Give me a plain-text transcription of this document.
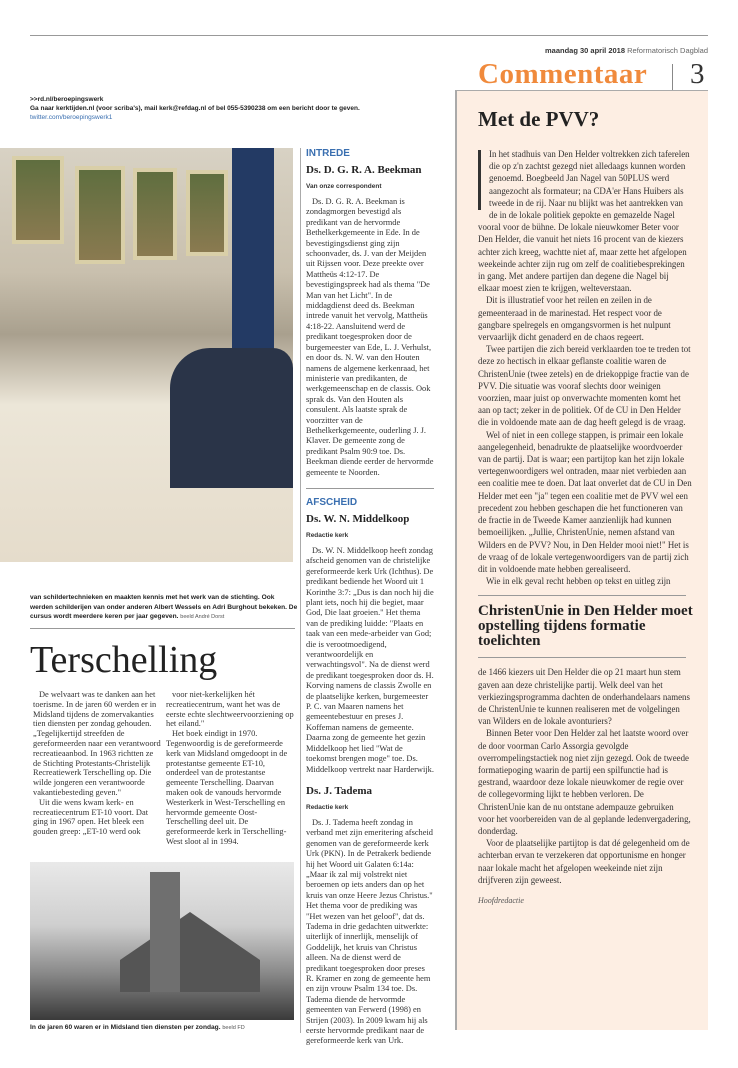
maandag 30 april 2018 Reformatorisch Dagblad
Commentaar 3
>>rd.nl/beroepingswerk
Ga naar kerktijden.nl (voor scriba's), mail kerk@refdag.nl of bel 055-5390238 om een bericht door te geven.
twitter.com/beroepingswerk1
van schildertechnieken en maakten kennis met het werk van de stichting. Ook werden schilderijen van onder anderen Albert Wessels en Adri Burghout bekeken. De cursus wordt meerdere keren per jaar gegeven. beeld André Dorst
Terschelling

De welvaart was te danken aan het toerisme. In de jaren 60 werden er in Midsland tijdens de zomervakanties tien diensten per zondag gehouden. „Tegelijkertijd streefden de gereformeerden naar een verantwoord recreatieaanbod. In 1963 richtten ze de Stichting Protestants-Christelijk Recreatiewerk Terschelling op. Die wilde jongeren een verantwoorde vakantiebesteding geven."

Uit die wens kwam kerk- en recreatiecentrum ET-10 voort. Dat ging in 1967 open. Het bleek een gouden greep: „ET-10 werd ook

voor niet-kerkelijken hét recreatiecentrum, want het was de eerste echte slechtweervoorziening op het eiland."

Het boek eindigt in 1970. Tegenwoordig is de gereformeerde kerk van Midsland omgedoopt in de protestantse gemeente ET-10, onderdeel van de protestantse gemeente Terschelling. Daarvan maken ook de vanouds hervormde Westerkerk in West-Terschelling en hervormde gemeente Oost-Terschelling deel uit. De gereformeerde kerk in Terschelling-West sloot al in 1994.

In de jaren 60 waren er in Midsland tien diensten per zondag. beeld FD
INTREDE
Ds. D. G. R. A. Beekman
Van onze correspondent

Ds. D. G. R. A. Beekman is zondagmorgen bevestigd als predikant van de hervormde Bethelkerkgemeente in Ede. In de bevestigingsdienst ging zijn schoonvader, ds. J. van der Meijden uit Rijssen voor. Deze preekte over Mattheüs 4:12-17. De bevestigingspreek had als thema "De Man van het Licht". In de middagdienst deed ds. Beekman intrede vanuit het vervolg, Mattheüs 4:18-22. Aansluitend werd de predikant toegesproken door de burgemeester van Ede, L. J. Verhulst, en door ds. N. W. van den Houten namens de algemene kerkenraad, het ministerie van predikanten, de werkgemeenschap en de classis. Ook sprak ds. Van den Houten als consulent. Als laatste sprak de voorzitter van de Bethelkerkgemeente, ouderling J. J. Klaver. De gemeente zong de predikant Psalm 90:9 toe. Ds. Beekman diende eerder de hervormde gemeente te Noorden.

AFSCHEID
Ds. W. N. Middelkoop
Redactie kerk

Ds. W. N. Middelkoop heeft zondag afscheid genomen van de christelijke gereformeerde kerk Urk (Ichthus). De predikant bediende het Woord uit 1 Korinthe 3:7: „Dus is dan noch hij die plant iets, noch hij die begiet, maar God, Die laat groeien." Het thema van de prediking luidde: "Plaats en taak van een mede-arbeider van God; die is verootmoedigend, verantwoordelijk en verwachtingsvol". Na de dienst werd de predikant toegesproken door ds. H. Korving namens de classis Zwolle en de plaatselijke kerken, burgemeester P. C. van Maaren namens het gemeentebestuur en preses J. Koffeman namens de gemeente. Daarna zong de gemeente het gezin Middelkoop het lied "Wat de toekomst brengen moge" toe. Ds. Middelkoop vertrekt naar Harderwijk.

Ds. J. Tadema
Redactie kerk

Ds. J. Tadema heeft zondag in verband met zijn emeritering afscheid genomen van de gereformeerde kerk Urk (PKN). In de Petrakerk bediende hij het Woord uit Galaten 6:14a: „Maar ik zal mij volstrekt niet beroemen op iets anders dan op het kruis van onze Heere Jezus Christus." Het thema voor de prediking was "Het wezen van het geloof", dat ds. Tadema in drie gedachten uitwerkte: uiterlijk of innerlijk, menselijk of Goddelijk, het kruis van Christus alleen. Na de dienst werd de predikant toegesproken door preses R. Kramer en zong de gemeente hem en zijn vrouw Psalm 134 toe. Ds. Tadema diende de hervormde gemeenten van Ferwerd (1998) en Strijen (2003). In 2009 kwam hij als eerste hervormde predikant naar de gereformeerde kerk van Urk.

Met de PVV?

In het stadhuis van Den Helder voltrekken zich taferelen die op z'n zachtst gezegd niet alledaags kunnen worden genoemd. Boegbeeld Jan Nagel van 50PLUS werd aangezocht als formateur; na CDA'er Hans Huibers als tweede in de rij. Naar nu blijkt was het aantrekken van de in de lokale politiek gepokte en gemazelde Nagel vooral voor de bühne. De lokale nieuwkomer Beter voor Den Helder, die vanuit het niets 16 procent van de kiezers achter zich kreeg, wachtte niet af, maar zette het afgelopen weekeinde achter zijn rug om zelf de coalitiebesprekingen in gang. Met andere partijen dan degene die Nagel bij elkaar moest zien te krijgen, welteverstaan.

Dit is illustratief voor het reilen en zeilen in de gemeenteraad in de marinestad. Het respect voor de gangbare spelregels en omgangsvormen is het nulpunt vervaarlijk dicht genaderd en de chaos regeert.

Twee partijen die zich bereid verklaarden toe te treden tot deze zo hectisch in elkaar geflanste coalitie waren de ChristenUnie (twee zetels) en de driekoppige fractie van de PVV. Die situatie was vooraf slechts door weinigen voorzien, maar juist op onverwachte momenten komt het aan op tact; zeker in de politiek. Of de CU in Den Helder die in voldoende mate aan de dag heeft gelegd is de vraag.

Wel of niet in een college stappen, is primair een lokale aangelegenheid, benadrukte de plaatselijke woordvoerder van de partij. Dat is waar; een partijtop kan het zijn lokale vertegenwoordigers wel ontraden, maar niet verbieden aan een coalitie mee te doen. Dat laat onverlet dat de CU in Den Helder met een "ja" tegen een coalitie met de PVV wel een precedent zou hebben geschapen die het functioneren van de fractie in de Tweede Kamer aanzienlijk had kunnen bemoeilijken. „Jullie, ChristenUnie, nemen afstand van Wilders en de PVV? Nou, in Den Helder mooi niet!" Het is de vraag of de lokale vertegenwoordigers van de partij zich dit in voldoende mate hebben gerealiseerd.

Wie in elk geval recht hebben op tekst en uitleg zijn

ChristenUnie in Den Helder moet opstelling tijdens formatie toelichten

de 1466 kiezers uit Den Helder die op 21 maart hun stem gaven aan deze christelijke partij. Welk deel van het verkiezingsprogramma dachten de onderhandelaars namens de ChristenUnie te kunnen realiseren met de volgelingen van Wilders en de lokale avonturiers?

Binnen Beter voor Den Helder zal het laatste woord over de door voorman Carlo Assorgia gevolgde overrompelingstactiek nog niet zijn gezegd. Ook de tweede formatiepoging waarin de partij een spilfunctie had is gestrand, waardoor deze lokale nieuwkomer de regie over de collegevorming lijkt te hebben verloren. De ChristenUnie kan de nu ontstane adempauze gebruiken voor het voorbereiden van de al geplande ledenvergadering, donderdag.

Voor de plaatselijke partijtop is dat dé gelegenheid om de achterban ervan te verzekeren dat opportunisme en honger naar lokale macht het afgelopen weekeinde niet zijn drijfveren zijn geweest.

Hoofdredactie
